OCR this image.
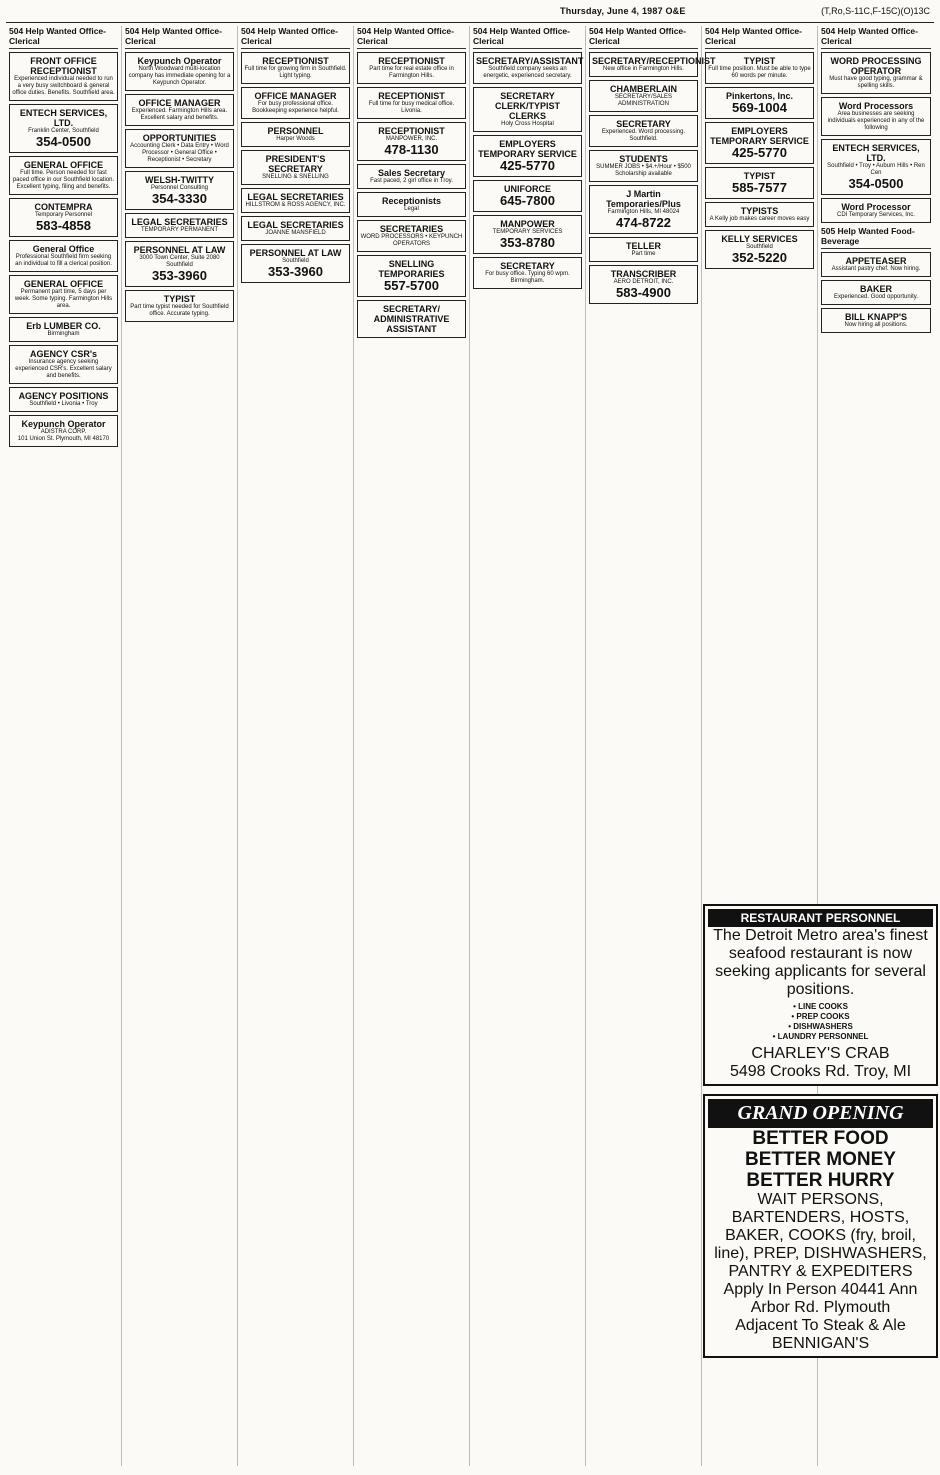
Thursday, June 4, 1987 O&E	(T,Ro,S-11C,F-15C)(O)13C
504 Help Wanted Office-Clerical
FRONT OFFICE RECEPTIONIST
Experienced individual needed to run a very busy switchboard & general office duties. Benefits. Southfield area.
ENTECH SERVICES, LTD.
Franklin Center, Southfield
354-0500
GENERAL OFFICE
Full time. Person needed for fast paced office in our Southfield location. Excellent typing, filing and benefits.
CONTEMPRA
Temporary Personnel
583-4858
General Office
Professional Southfield firm seeking an individual to fill a clerical position.
GENERAL OFFICE
Permanent part time, 5 days per week. Some typing. Farmington Hills area.
Erb LUMBER CO.
Birmingham
AGENCY CSR's
Insurance agency seeking experienced CSR's. Excellent salary and benefits.
AGENCY POSITIONS
Southfield • Livonia • Troy
Keypunch Operator
ADISTRA CORP.
101 Union St. Plymouth, MI 48170
504 Help Wanted Office-Clerical
Keypunch Operator
North Woodward multi-location company has immediate opening for a Keypunch Operator.
OFFICE MANAGER
Experienced. Farmington Hills area. Excellent salary and benefits.
OPPORTUNITIES
Accounting Clerk • Data Entry • Word Processor • General Office • Receptionist • Secretary
WELSH-TWITTY
Personnel Consulting
354-3330
LEGAL SECRETARIES
TEMPORARY PERMANENT
PERSONNEL AT LAW
3000 Town Center, Suite 2080 Southfield
353-3960
TYPIST
Part time typist needed for Southfield office. Accurate typing.
504 Help Wanted Office-Clerical
RECEPTIONIST
Full time for growing firm in Southfield. Light typing.
OFFICE MANAGER
For busy professional office. Bookkeeping experience helpful.
PERSONNEL
Harper Woods
PRESIDENT'S SECRETARY
SNELLING & SNELLING
LEGAL SECRETARIES
HILLSTROM & ROSS AGENCY, INC.
LEGAL SECRETARIES
JOANNE MANSFIELD
PERSONNEL AT LAW
Southfield
353-3960
504 Help Wanted Office-Clerical
RECEPTIONIST
Part time for real estate office in Farmington Hills.
RECEPTIONIST
Full time for busy medical office. Livonia.
RECEPTIONIST
MANPOWER, INC.
478-1130
Sales Secretary
Fast paced, 2 girl office in Troy.
Receptionists
Legal
SECRETARIES
WORD PROCESSORS • KEYPUNCH OPERATORS
SNELLING TEMPORARIES
557-5700
SECRETARY/ ADMINISTRATIVE ASSISTANT
504 Help Wanted Office-Clerical
SECRETARY/ASSISTANT
Southfield company seeks an energetic, experienced secretary.
SECRETARY CLERK/TYPIST CLERKS
Holy Cross Hospital
EMPLOYERS TEMPORARY SERVICE
425-5770
UNIFORCE
645-7800
MANPOWER
TEMPORARY SERVICES
353-8780
SECRETARY
For busy office. Typing 60 wpm. Birmingham.
504 Help Wanted Office-Clerical
SECRETARY/RECEPTIONIST
New office in Farmington Hills.
CHAMBERLAIN
SECRETARY/SALES ADMINISTRATION
SECRETARY
Experienced. Word processing. Southfield.
STUDENTS
SUMMER JOBS • $4.+/Hour • $500 Scholarship available
J Martin Temporaries/Plus
Farmington Hills, MI 48024
474-8722
TELLER
Part time
TRANSCRIBER
AERO DETROIT, INC.
583-4900
504 Help Wanted Office-Clerical
TYPIST
Full time position. Must be able to type 60 words per minute.
Pinkertons, Inc.
569-1004
EMPLOYERS TEMPORARY SERVICE
425-5770
TYPIST
585-7577
TYPISTS
A Kelly job makes career moves easy
KELLY SERVICES
Southfield
352-5220
504 Help Wanted Office-Clerical
WORD PROCESSING OPERATOR
Must have good typing, grammar & spelling skills.
Word Processors
Area businesses are seeking individuals experienced in any of the following
ENTECH SERVICES, LTD.
Southfield • Troy • Auburn Hills • Ren Cen
354-0500
Word Processor
CDI Temporary Services, Inc.
505 Help Wanted Food-Beverage
APPETEASER
Assistant pastry chef. Now hiring.
BAKER
Experienced. Good opportunity.
BILL KNAPP'S
Now hiring all positions.
RESTAURANT PERSONNEL
The Detroit Metro area's finest seafood restaurant is now seeking applicants for several positions.
• LINE COOKS
• PREP COOKS
• DISHWASHERS
• LAUNDRY PERSONNEL
CHARLEY'S CRAB
5498 Crooks Rd. Troy, MI
GRAND OPENING
BETTER FOOD
BETTER MONEY
BETTER HURRY
WAIT PERSONS, BARTENDERS, HOSTS, BAKER, COOKS (fry, broil, line), PREP, DISHWASHERS, PANTRY & EXPEDITERS
Apply In Person 40441 Ann Arbor Rd. Plymouth
Adjacent To Steak & Ale
BENNIGAN'S
